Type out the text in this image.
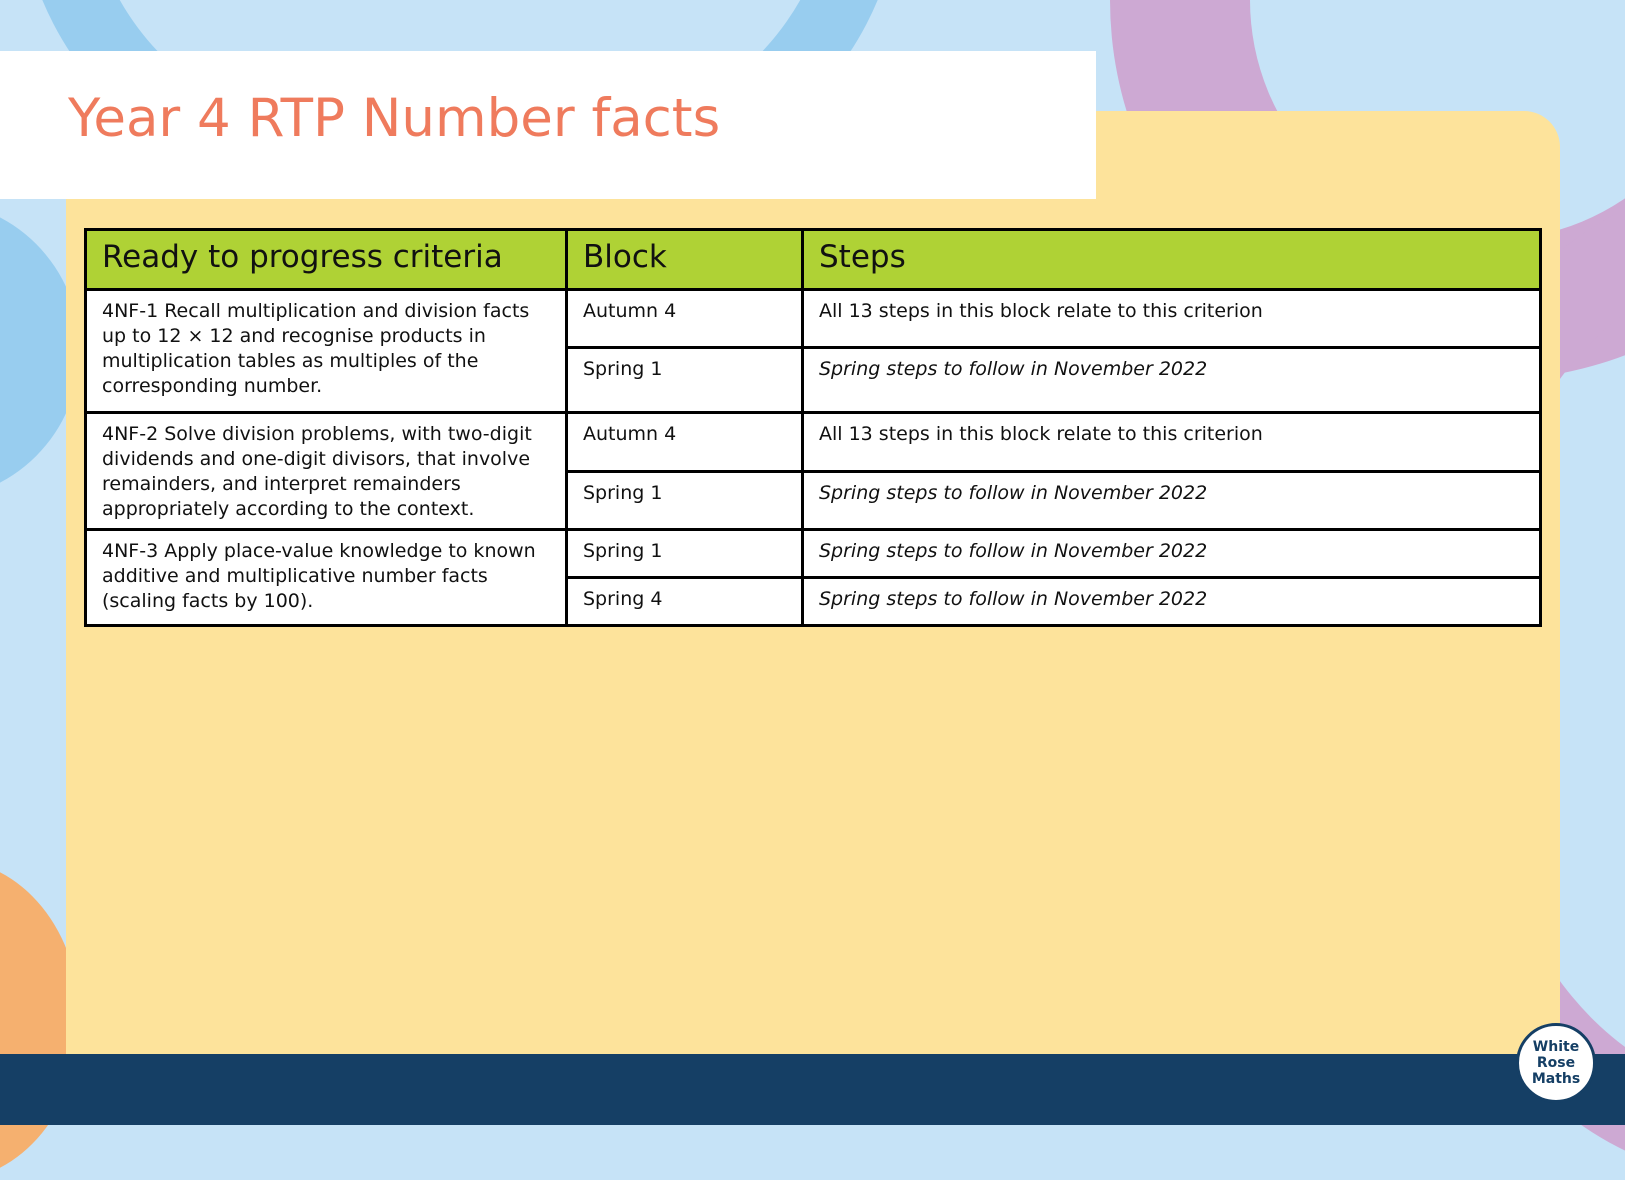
Year 4 RTP Number facts
Ready to progress criteria	Block	Steps
4NF-1 Recall multiplication and division facts up to 12 × 12 and recognise products in multiplication tables as multiples of the corresponding number.	Autumn 4	All 13 steps in this block relate to this criterion
	Spring 1	Spring steps to follow in November 2022
4NF-2 Solve division problems, with two-digit dividends and one-digit divisors, that involve remainders, and interpret remainders appropriately according to the context.	Autumn 4	All 13 steps in this block relate to this criterion
	Spring 1	Spring steps to follow in November 2022
4NF-3 Apply place-value knowledge to known additive and multiplicative number facts (scaling facts by 100).	Spring 1	Spring steps to follow in November 2022
	Spring 4	Spring steps to follow in November 2022
White
Rose
Maths
